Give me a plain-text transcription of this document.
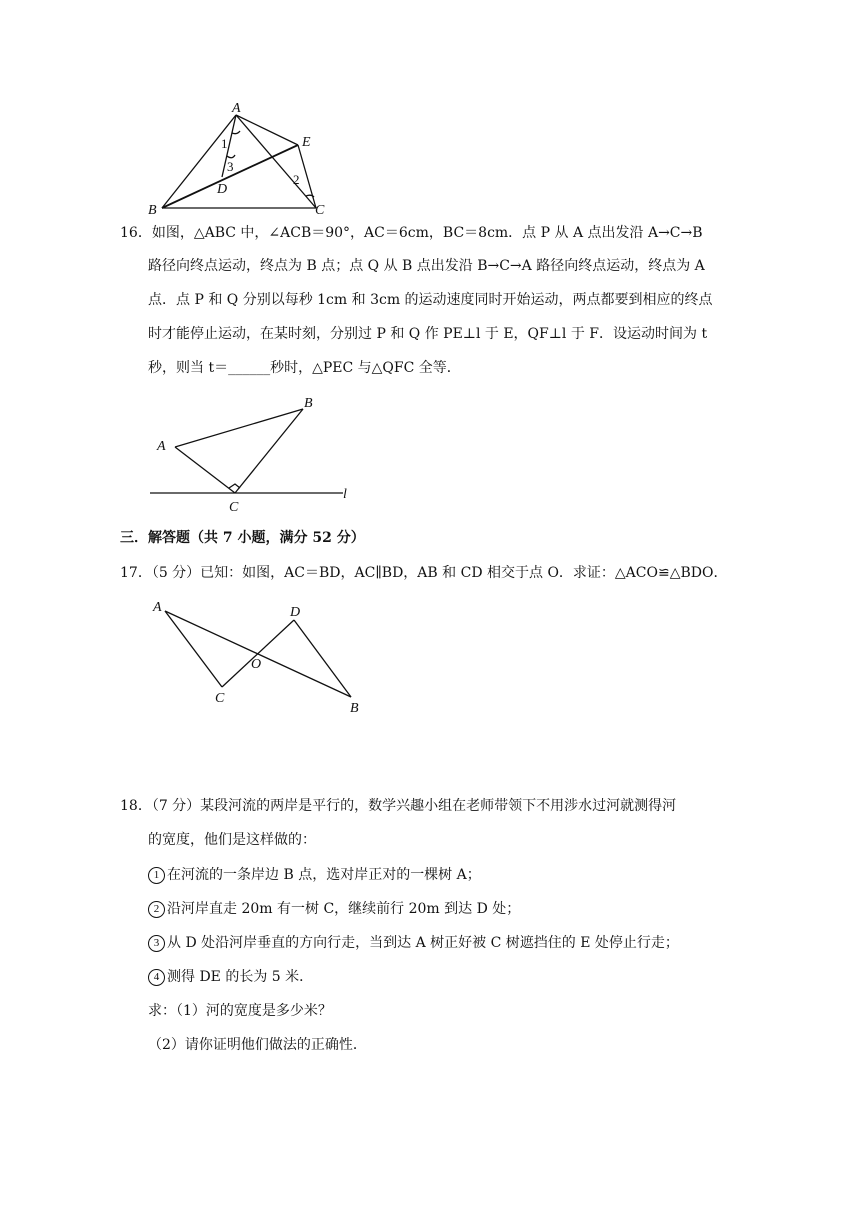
A
B	C
D
E
1
2
3
16．如图，△ABC 中，∠ACB＝90°，AC＝6cm，BC＝8cm．点 P 从 A 点出发沿 A→C→B
路径向终点运动，终点为 B 点；点 Q 从 B 点出发沿 B→C→A 路径向终点运动，终点为 A
点．点 P 和 Q 分别以每秒 1cm 和 3cm 的运动速度同时开始运动，两点都要到相应的终点
时才能停止运动，在某时刻，分别过 P 和 Q 作 PE⊥l 于 E，QF⊥l 于 F．设运动时间为 t
秒，则当 t＝______秒时，△PEC 与△QFC 全等．
A
B
C
l
三．解答题（共 7 小题，满分 52 分）
17．（5 分）已知：如图，AC＝BD，AC∥BD，AB 和 CD 相交于点 O．求证：△ACO≌△BDO．
A	D
O
C
B
18．（7 分）某段河流的两岸是平行的，数学兴趣小组在老师带领下不用涉水过河就测得河
的宽度，他们是这样做的：
1 在河流的一条岸边 B 点，选对岸正对的一棵树 A；
2 沿河岸直走 20m 有一树 C，继续前行 20m 到达 D 处；
3 从 D 处沿河岸垂直的方向行走，当到达 A 树正好被 C 树遮挡住的 E 处停止行走；
4 测得 DE 的长为 5 米．
求：（1）河的宽度是多少米？
（2）请你证明他们做法的正确性．
